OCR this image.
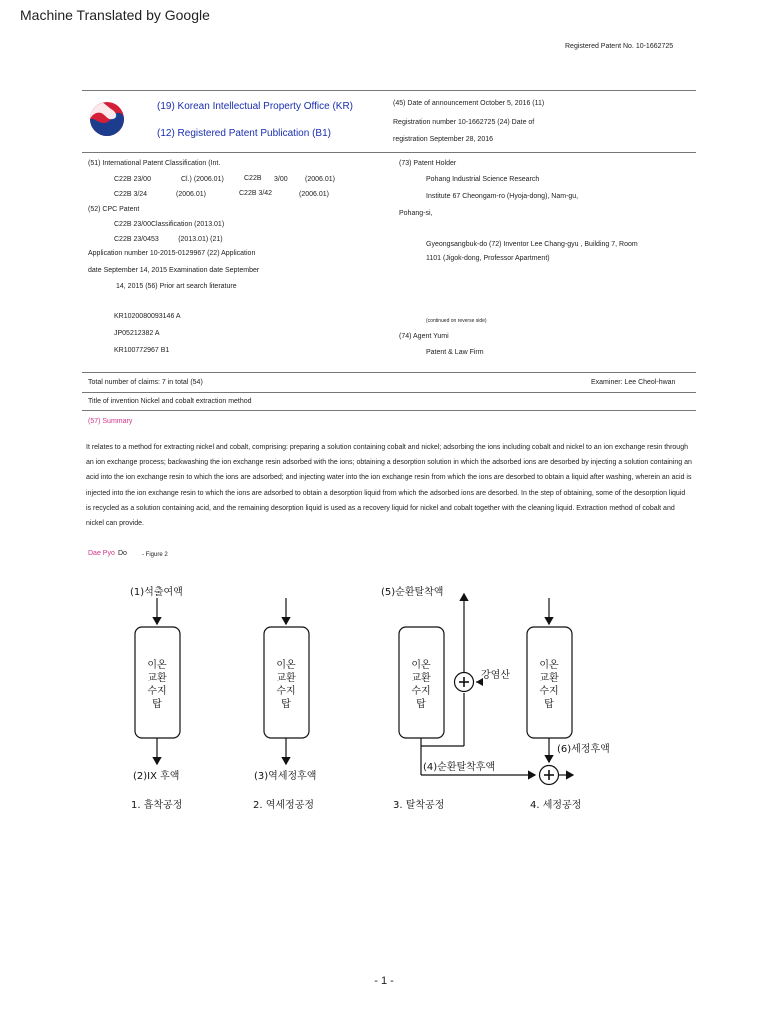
Machine Translated by Google
Registered Patent No. 10-1662725
(19) Korean Intellectual Property Office (KR)
(12) Registered Patent Publication (B1)
(45) Date of announcement October 5, 2016 (11)
Registration number 10-1662725 (24) Date of
registration September 28, 2016
(51) International Patent Classification (Int.
C22B 23/00	Cl.) (2006.01)	C22B 3/00 (2006.01)
C22B 3/24	(2006.01)	C22B 3/42	(2006.01)
(52) CPC Patent
C22B 23/00 Classification (2013.01)
C22B 23/0453          (2013.01) (21)
Application number 10-2015-0129967 (22) Application
date September 14, 2015 Examination date September
14, 2015 (56) Prior art search literature
KR1020080093146 A
JP05212382 A
KR100772967 B1
(73) Patent Holder
Pohang Industrial Science Research
Institute 67 Cheongam-ro (Hyoja-dong), Nam-gu,
Pohang-si,
Gyeongsangbuk-do (72) Inventor Lee Chang-gyu , Building 7, Room
1101 (Jigok-dong, Professor Apartment)
(continued on reverse side)
(74) Agent Yumi
Patent & Law Firm
Total number of claims: 7 in total (54)	Examiner: Lee Cheol-hwan
Title of invention Nickel and cobalt extraction method
(57) Summary
It relates to a method for extracting nickel and cobalt, comprising: preparing a solution containing cobalt and nickel; adsorbing the ions including cobalt and nickel to an ion exchange resin through an ion exchange process; backwashing the ion exchange resin adsorbed with the ions; obtaining a desorption solution in which the adsorbed ions are desorbed by injecting a solution containing an acid into the ion exchange resin to which the ions are adsorbed; and injecting water into the ion exchange resin from which the ions are desorbed to obtain a liquid after washing, wherein an acid is injected into the ion exchange resin to which the ions are adsorbed to obtain a desorption liquid from which the adsorbed ions are desorbed. In the step of obtaining, some of the desorption liquid is recycled as a solution containing acid, and the remaining desorption liquid is used as a recovery liquid for nickel and cobalt together with the cleaning liquid. Extraction method of cobalt and nickel can provide.
Dae Pyo Do	- Figure 2
이온
교환
수지
탑
이온
교환
수지
탑
이온
교환
수지
탑
이온
교환
수지
탑
(1)석출여액
(2)IX 후액	(3)역세정후액
(5)순환탈착액
강염산
(4)순환탈착후액
(6)세정후액
1. 흡착공정	2. 역세정공정	3. 탈착공정	4. 세정공정
- 1 -
